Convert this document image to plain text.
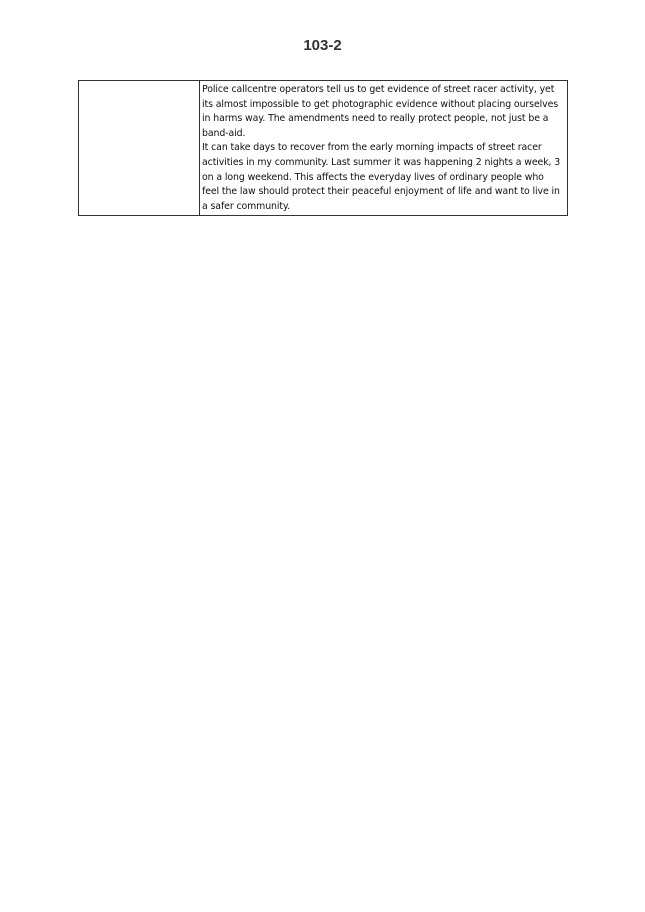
103-2

Police callcentre operators tell us to get evidence of street racer activity, yet its almost impossible to get photographic evidence without placing ourselves in harms way. The amendments need to really protect people, not just be a band-aid.

It can take days to recover from the early morning impacts of street racer activities in my community. Last summer it was happening 2 nights a week, 3 on a long weekend. This affects the everyday lives of ordinary people who feel the law should protect their peaceful enjoyment of life and want to live in a safer community.
